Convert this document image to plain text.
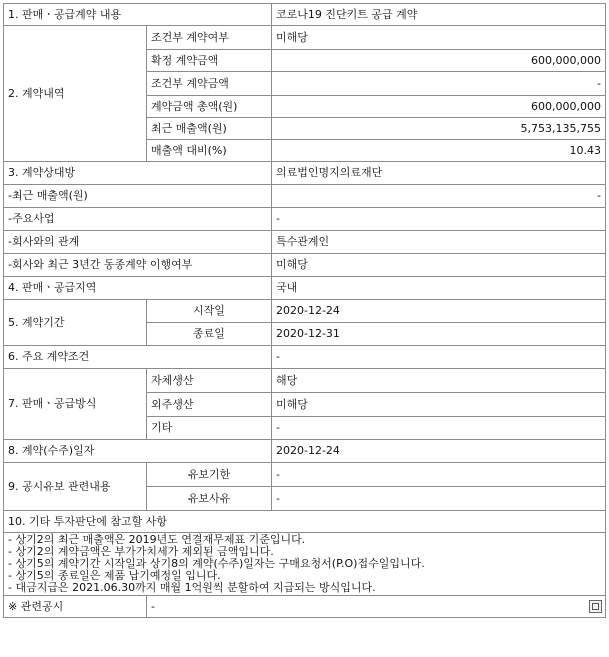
1. 판매ㆍ공급계약 내용		코로나19 진단키트 공급 계약
2. 계약내역	조건부 계약여부	미해당
	확정 계약금액	600,000,000
	조건부 계약금액	-
	계약금액 총액(원)	600,000,000
	최근 매출액(원)	5,753,135,755
	매출액 대비(%)	10.43
3. 계약상대방		의료법인명지의료재단
-최근 매출액(원)		-
-주요사업		-
-회사와의 관계		특수관계인
-회사와 최근 3년간 동종계약 이행여부		미해당
4. 판매ㆍ공급지역		국내
5. 계약기간	시작일	2020-12-24
	종료일	2020-12-31
6. 주요 계약조건		-
7. 판매ㆍ공급방식	자체생산	해당
	외주생산	미해당
	기타	-
8. 계약(수주)일자		2020-12-24
9. 공시유보 관련내용	유보기한	-
	유보사유	-
10. 기타 투자판단에 참고할 사항		

- 상기2의 최근 매출액은 2019년도 연결재무제표 기준입니다.
- 상기2의 계약금액은 부가가치세가 제외된 금액입니다.
- 상기5의 계약기간 시작일과 상기8의 계약(수주)일자는 구매요청서(P.O)접수일입니다.
- 상기5의 종료일은 제품 납기예정일 입니다.
- 대금지급은 2021.06.30까지 매월 1억원씩 분할하여 지급되는 방식입니다.		

※ 관련공시	-	
